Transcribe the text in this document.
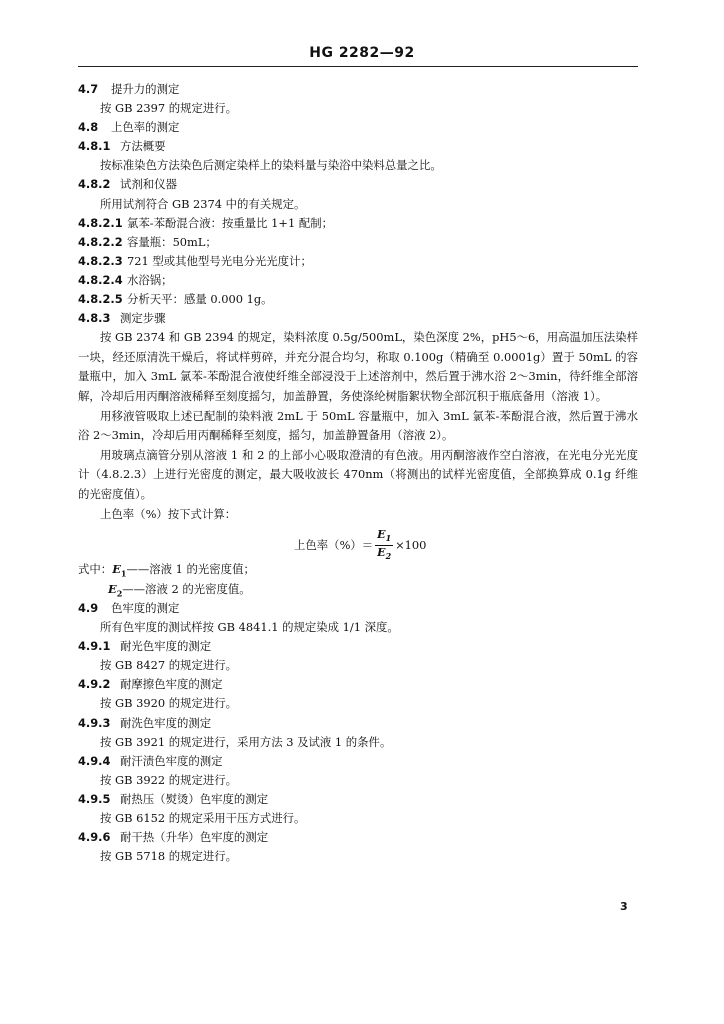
HG 2282—92
4.7 提升力的测定
按 GB 2397 的规定进行。
4.8 上色率的测定
4.8.1 方法概要
按标准染色方法染色后测定染样上的染料量与染浴中染料总量之比。
4.8.2 试剂和仪器
所用试剂符合 GB 2374 中的有关规定。
4.8.2.1 氯苯-苯酚混合液：按重量比 1+1 配制；
4.8.2.2 容量瓶：50mL；
4.8.2.3 721 型或其他型号光电分光光度计；
4.8.2.4 水浴锅；
4.8.2.5 分析天平：感量 0.000 1g。
4.8.3 测定步骤

按 GB 2374 和 GB 2394 的规定，染料浓度 0.5g/500mL，染色深度 2%，pH5～6，用高温加压法染样一块，经还原清洗干燥后，将试样剪碎，并充分混合均匀，称取 0.100g（精确至 0.0001g）置于 50mL 的容量瓶中，加入 3mL 氯苯-苯酚混合液使纤维全部浸没于上述溶剂中，然后置于沸水浴 2～3min，待纤维全部溶解，冷却后用丙酮溶液稀释至刻度摇匀，加盖静置，务使涤纶树脂絮状物全部沉积于瓶底备用（溶液 1）。

用移液管吸取上述已配制的染料液 2mL 于 50mL 容量瓶中，加入 3mL 氯苯-苯酚混合液，然后置于沸水浴 2～3min，冷却后用丙酮稀释至刻度，摇匀，加盖静置备用（溶液 2）。

用玻璃点滴管分别从溶液 1 和 2 的上部小心吸取澄清的有色液。用丙酮溶液作空白溶液，在光电分光光度计（4.8.2.3）上进行光密度的测定，最大吸收波长 470nm（将测出的试样光密度值，全部换算成 0.1g 纤维的光密度值）。

上色率（%）按下式计算：

上色率（%）＝ $\frac{E_1}{E_2} \times 100$
式中：$E_1——$溶液 1 的光密度值；
$E_2——$溶液 2 的光密度值。
4.9 色牢度的测定
所有色牢度的测试样按 GB 4841.1 的规定染成 1/1 深度。
4.9.1 耐光色牢度的测定
按 GB 8427 的规定进行。
4.9.2 耐摩擦色牢度的测定
按 GB 3920 的规定进行。
4.9.3 耐洗色牢度的测定
按 GB 3921 的规定进行，采用方法 3 及试液 1 的条件。
4.9.4 耐汗渍色牢度的测定
按 GB 3922 的规定进行。
4.9.5 耐热压（熨烫）色牢度的测定
按 GB 6152 的规定采用干压方式进行。
4.9.6 耐干热（升华）色牢度的测定
按 GB 5718 的规定进行。
3
